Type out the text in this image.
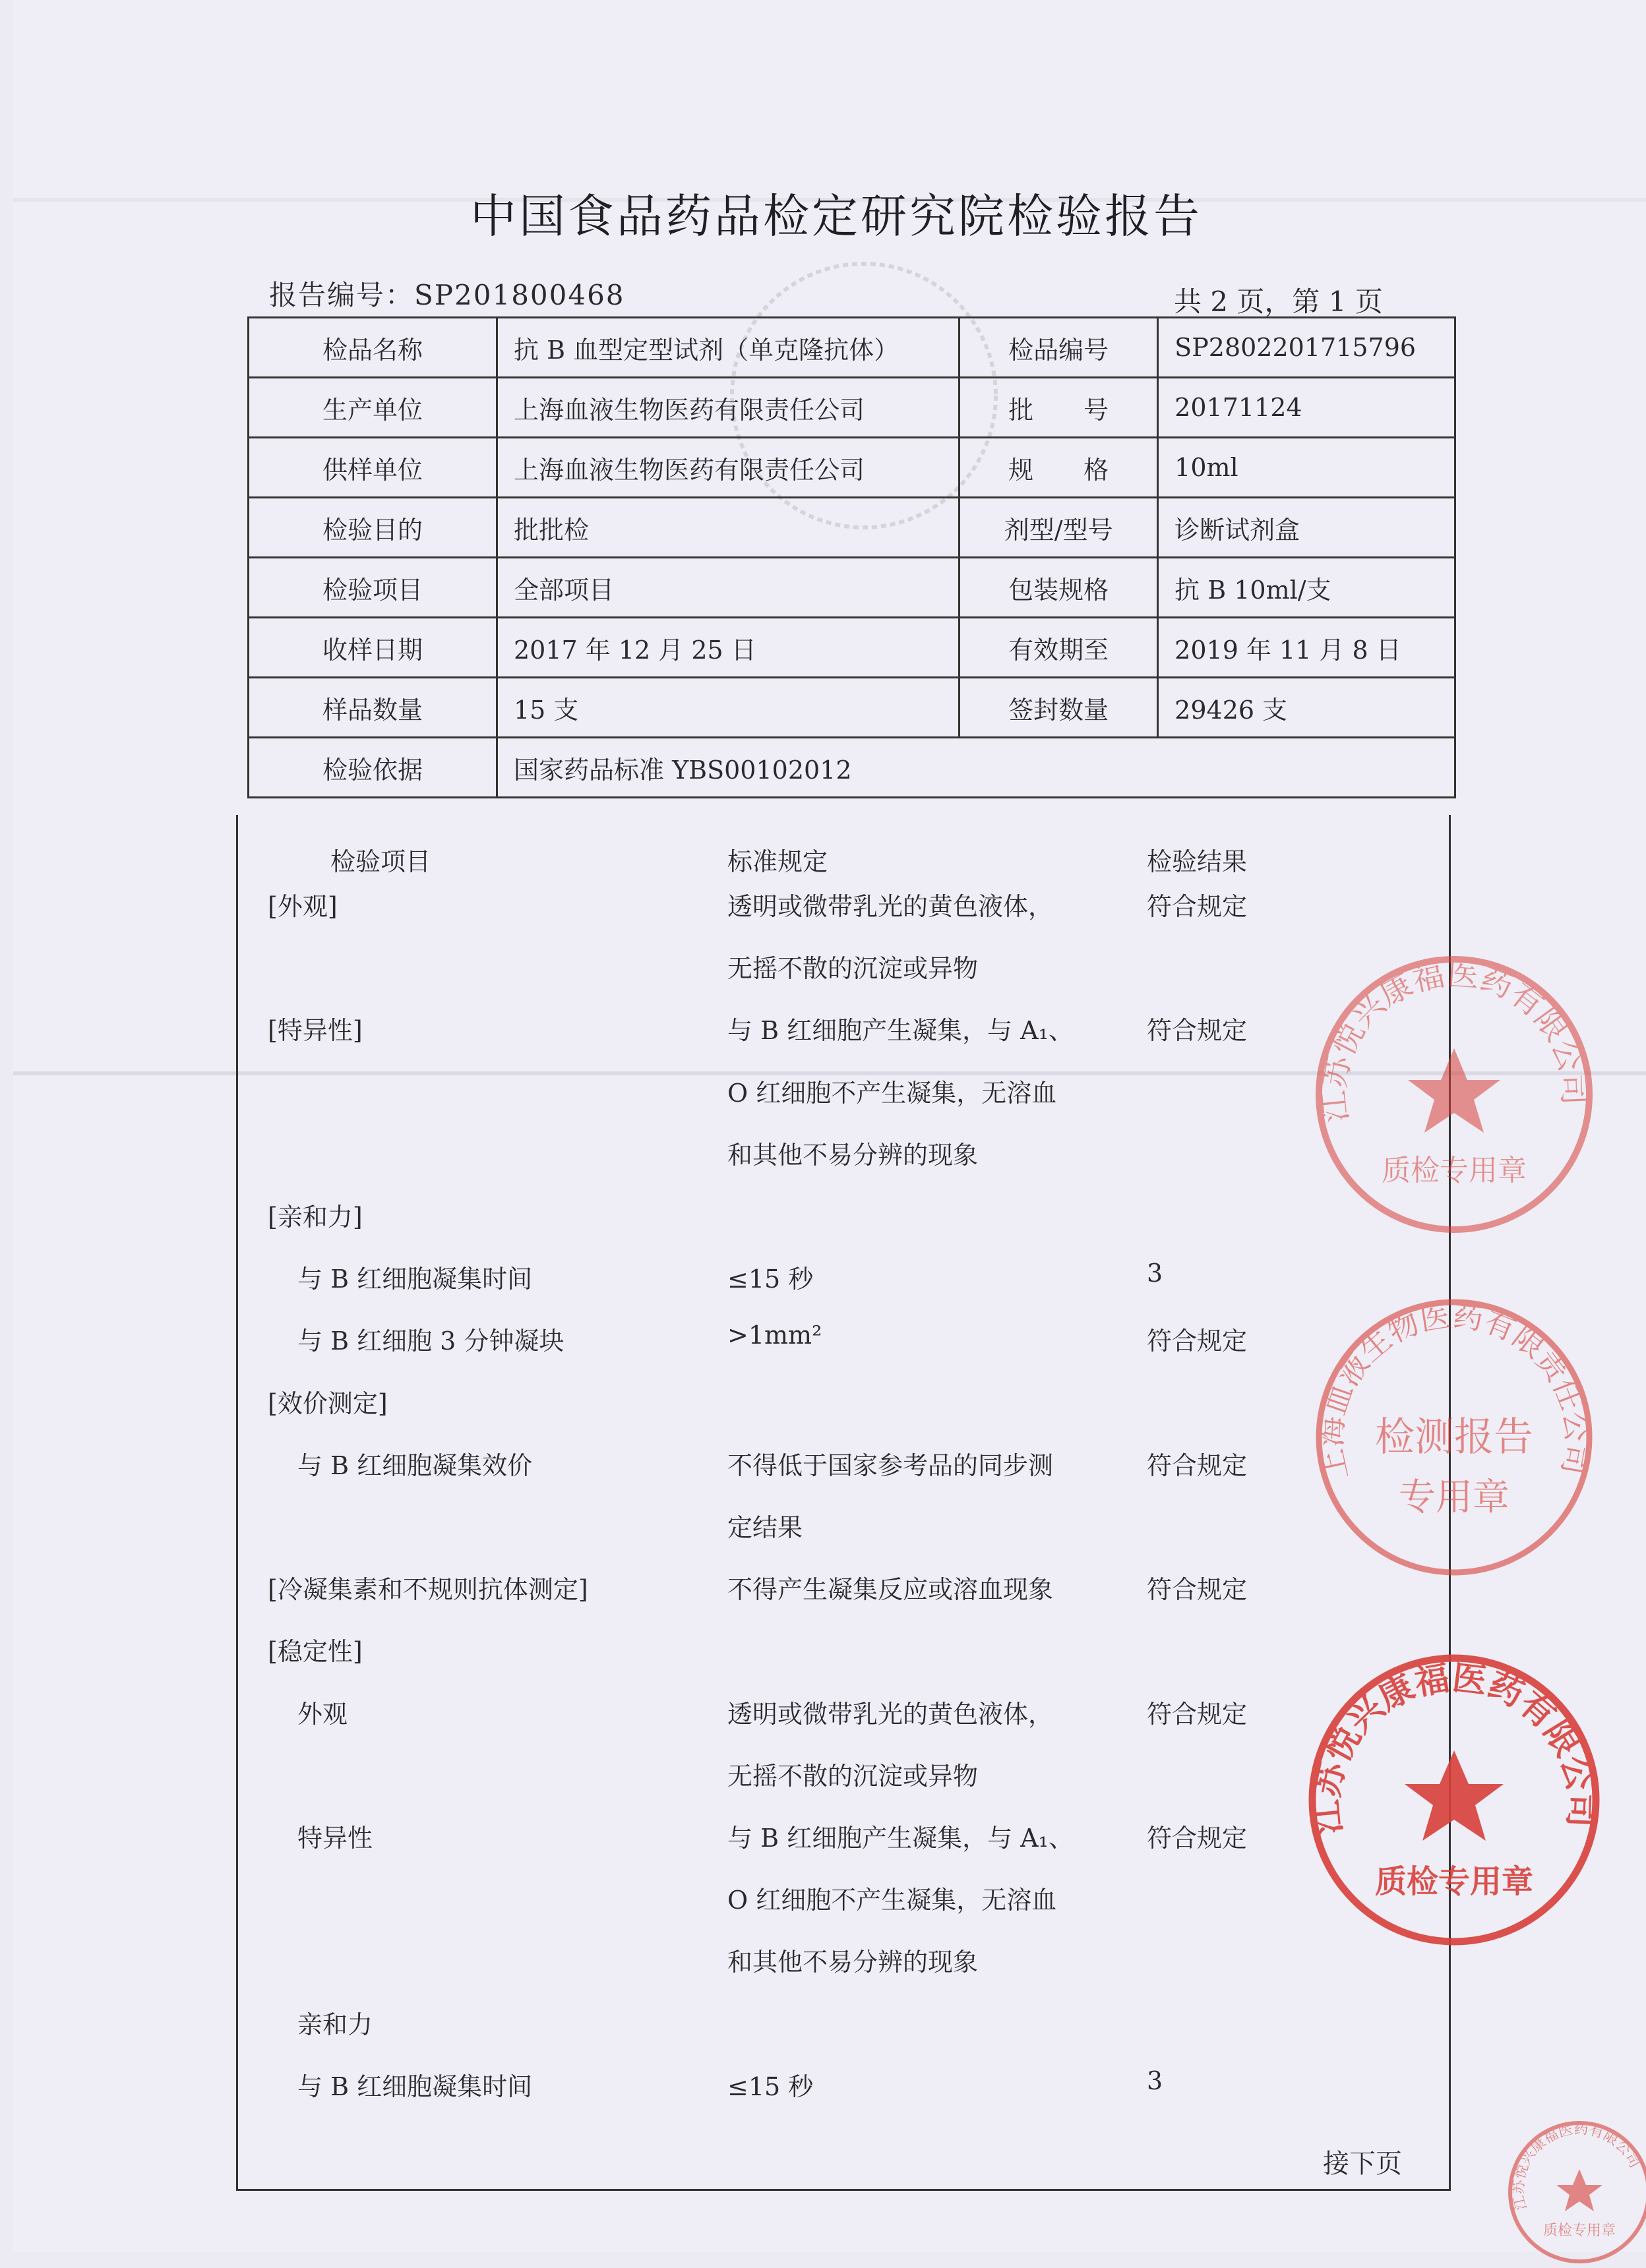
中国食品药品检定研究院检验报告
报告编号：SP201800468	共 2 页，第 1 页
检品名称	抗 B 血型定型试剂（单克隆抗体）	检品编号	SP2802201715796
生产单位	上海血液生物医药有限责任公司	批　　号	20171124
供样单位	上海血液生物医药有限责任公司	规　　格	10ml
检验目的	批批检	剂型/型号	诊断试剂盒
检验项目	全部项目	包装规格	抗 B 10ml/支
收样日期	2017 年 12 月 25 日	有效期至	2019 年 11 月 8 日
样品数量	15 支	签封数量	29426 支
检验依据	国家药品标准 YBS00102012		
检验项目	标准规定	检验结果
[外观]	透明或微带乳光的黄色液体，	符合规定
无摇不散的沉淀或异物
[特异性]	与 B 红细胞产生凝集，与 A₁、	符合规定
O 红细胞不产生凝集，无溶血
和其他不易分辨的现象
[亲和力]
与 B 红细胞凝集时间	≤15 秒	3
与 B 红细胞 3 分钟凝块	>1mm²	符合规定
[效价测定]
与 B 红细胞凝集效价	不得低于国家参考品的同步测	符合规定
定结果
[冷凝集素和不规则抗体测定]	不得产生凝集反应或溶血现象	符合规定
[稳定性]
外观	透明或微带乳光的黄色液体，	符合规定
无摇不散的沉淀或异物
特异性	与 B 红细胞产生凝集，与 A₁、	符合规定
O 红细胞不产生凝集，无溶血
和其他不易分辨的现象
亲和力
与 B 红细胞凝集时间	≤15 秒	3
接下页
江苏悦兴康福医药有限公司
质检专用章
上海血液生物医药有限责任公司
检测报告
专用章
江苏悦兴康福医药有限公司
质检专用章
江苏悦兴康福医药有限公司
质检专用章
